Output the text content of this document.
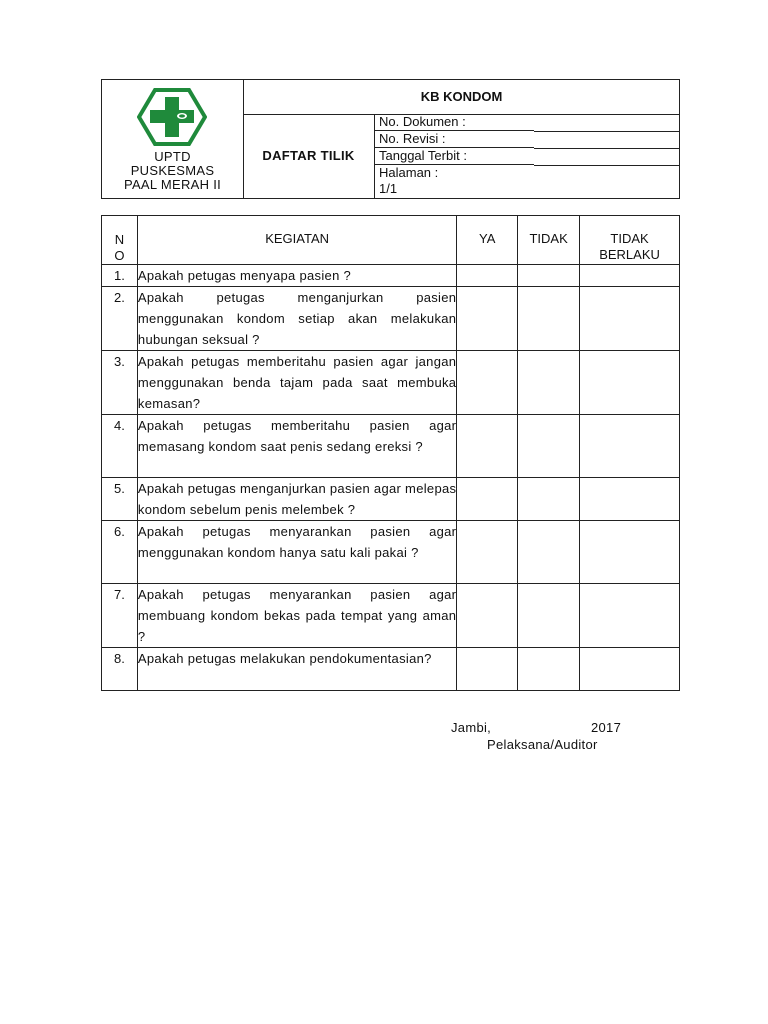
UPTD
PUSKESMAS
PAAL MERAH II
KB KONDOM
DAFTAR TILIK
No. Dokumen :
No. Revisi :
Tanggal Terbit :
Halaman :
1/1
N
O	KEGIATAN	YA	TIDAK	TIDAK BERLAKU
1.	Apakah petugas menyapa pasien ?			
2.	Apakah petugas menganjurkan pasien menggunakan kondom setiap akan melakukan hubungan seksual ?			
3.	Apakah petugas memberitahu pasien agar jangan menggunakan benda tajam pada saat membuka kemasan?			
4.	Apakah petugas memberitahu pasien agar memasang kondom saat penis sedang ereksi ?			
5.	Apakah petugas menganjurkan pasien agar melepas kondom sebelum penis melembek ?			
6.	Apakah petugas menyarankan pasien agar menggunakan kondom hanya satu kali pakai ?			
7.	Apakah petugas menyarankan pasien agar membuang kondom bekas pada tempat yang aman ?			
8.	Apakah petugas melakukan pendokumentasian?			
Jambi,	2017
Pelaksana/Auditor
